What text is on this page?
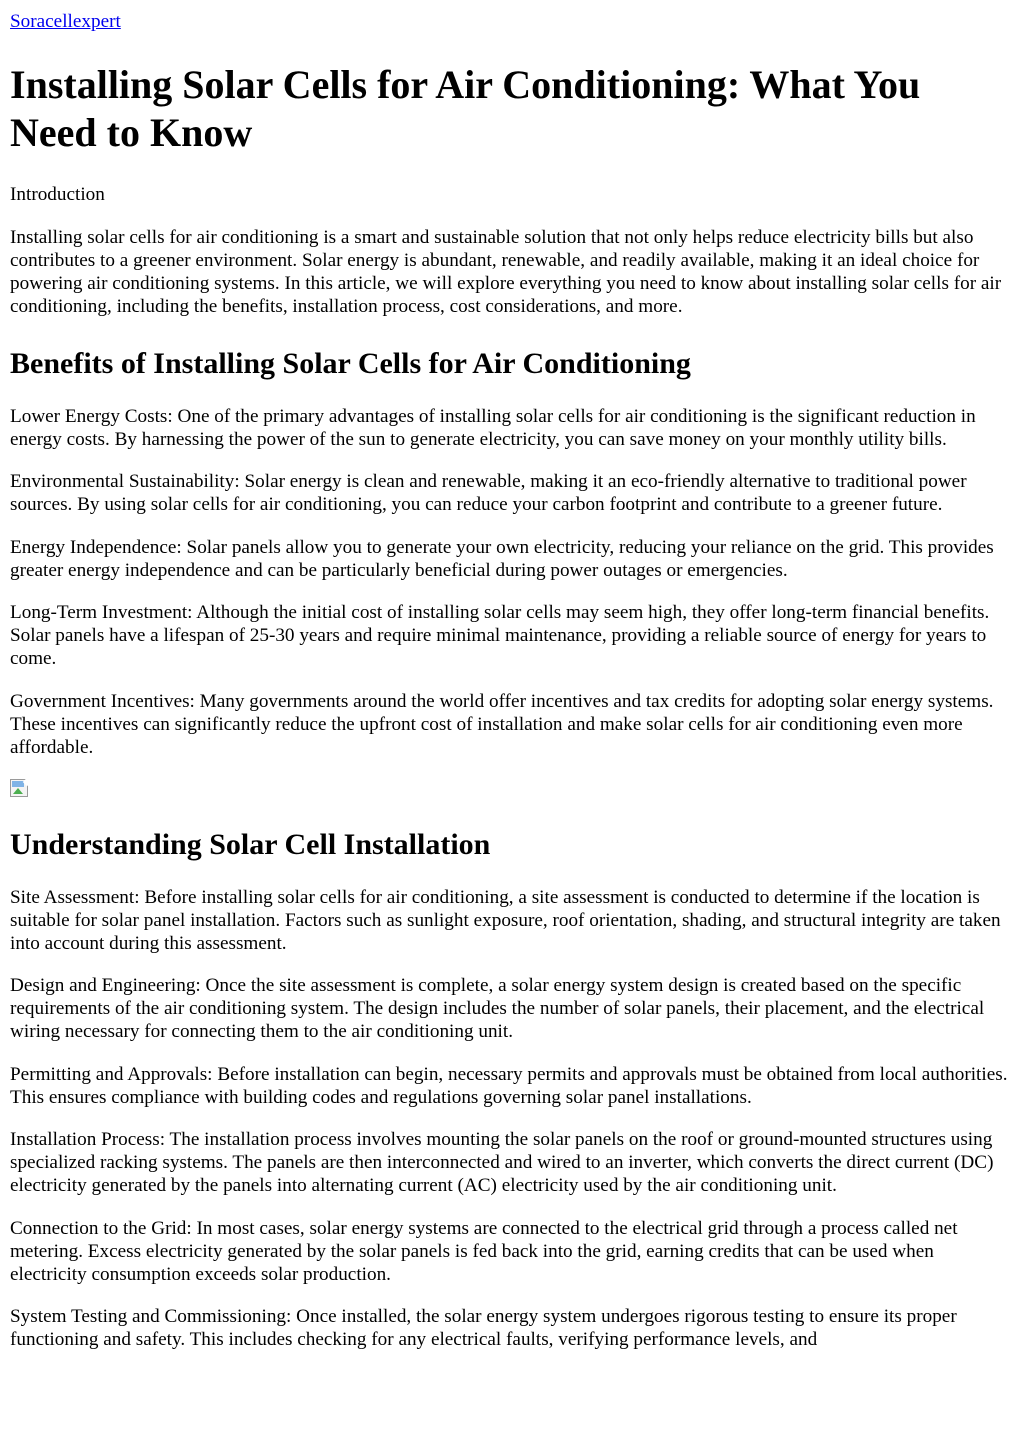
Soracellexpert
Installing Solar Cells for Air Conditioning: What You Need to Know

Introduction

Installing solar cells for air conditioning is a smart and sustainable solution that not only helps reduce electricity bills but also contributes to a greener environment. Solar energy is abundant, renewable, and readily available, making it an ideal choice for powering air conditioning systems. In this article, we will explore everything you need to know about installing solar cells for air conditioning, including the benefits, installation process, cost considerations, and more.

Benefits of Installing Solar Cells for Air Conditioning

Lower Energy Costs: One of the primary advantages of installing solar cells for air conditioning is the significant reduction in energy costs. By harnessing the power of the sun to generate electricity, you can save money on your monthly utility bills.

Environmental Sustainability: Solar energy is clean and renewable, making it an eco-friendly alternative to traditional power sources. By using solar cells for air conditioning, you can reduce your carbon footprint and contribute to a greener future.

Energy Independence: Solar panels allow you to generate your own electricity, reducing your reliance on the grid. This provides greater energy independence and can be particularly beneficial during power outages or emergencies.

Long-Term Investment: Although the initial cost of installing solar cells may seem high, they offer long-term financial benefits. Solar panels have a lifespan of 25-30 years and require minimal maintenance, providing a reliable source of energy for years to come.

Government Incentives: Many governments around the world offer incentives and tax credits for adopting solar energy systems. These incentives can significantly reduce the upfront cost of installation and make solar cells for air conditioning even more affordable.

Understanding Solar Cell Installation

Site Assessment: Before installing solar cells for air conditioning, a site assessment is conducted to determine if the location is suitable for solar panel installation. Factors such as sunlight exposure, roof orientation, shading, and structural integrity are taken into account during this assessment.

Design and Engineering: Once the site assessment is complete, a solar energy system design is created based on the specific requirements of the air conditioning system. The design includes the number of solar panels, their placement, and the electrical wiring necessary for connecting them to the air conditioning unit.

Permitting and Approvals: Before installation can begin, necessary permits and approvals must be obtained from local authorities. This ensures compliance with building codes and regulations governing solar panel installations.

Installation Process: The installation process involves mounting the solar panels on the roof or ground-mounted structures using specialized racking systems. The panels are then interconnected and wired to an inverter, which converts the direct current (DC) electricity generated by the panels into alternating current (AC) electricity used by the air conditioning unit.

Connection to the Grid: In most cases, solar energy systems are connected to the electrical grid through a process called net metering. Excess electricity generated by the solar panels is fed back into the grid, earning credits that can be used when electricity consumption exceeds solar production.

System Testing and Commissioning: Once installed, the solar energy system undergoes rigorous testing to ensure its proper functioning and safety. This includes checking for any electrical faults, verifying performance levels, and
